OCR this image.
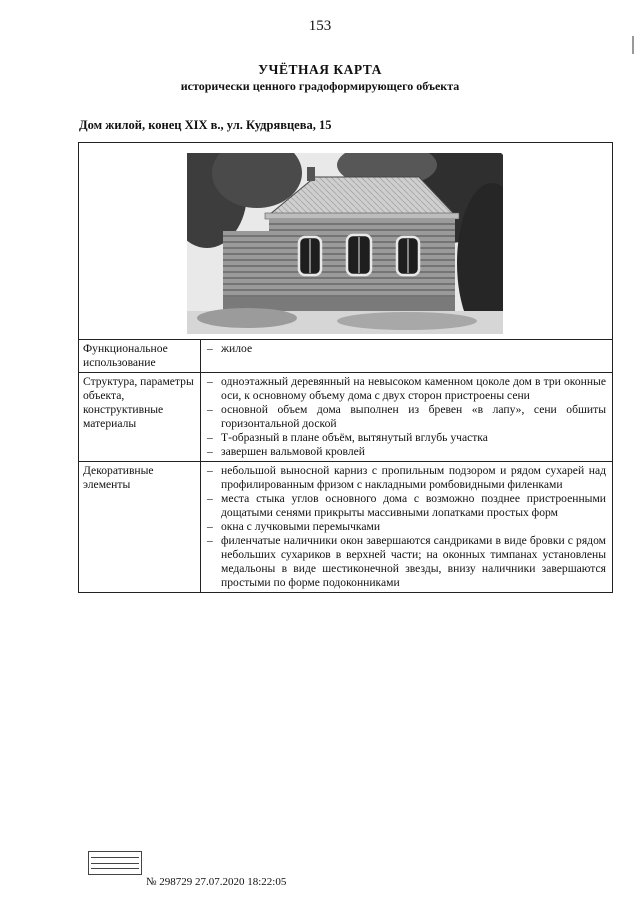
153
УЧЁТНАЯ КАРТА
исторически ценного градоформирующего объекта
Дом жилой, конец XIX в., ул. Кудрявцева, 15
Функциональное использование
– жилое
Структура, параметры объекта, конструктивные материалы
– одноэтажный деревянный на невысоком каменном цоколе дом в три оконные оси, к основному объему дома с двух сторон пристроены сени
– основной объем дома выполнен из бревен «в лапу», сени обшиты горизонтальной доской
– Т-образный в плане объём, вытянутый вглубь участка
– завершен вальмовой кровлей
Декоративные элементы
– небольшой выносной карниз с пропильным подзором и рядом сухарей над профилированным фризом с накладными ромбовидными филенками
– места стыка углов основного дома с возможно позднее пристроенными дощатыми сенями прикрыты массивными лопатками простых форм
– окна с лучковыми перемычками
– филенчатые наличники окон завершаются сандриками в виде бровки с рядом небольших сухариков в верхней части; на оконных тимпанах установлены медальоны в виде шестиконечной звезды, внизу наличники завершаются простыми по форме подоконниками
№ 298729 27.07.2020 18:22:05
